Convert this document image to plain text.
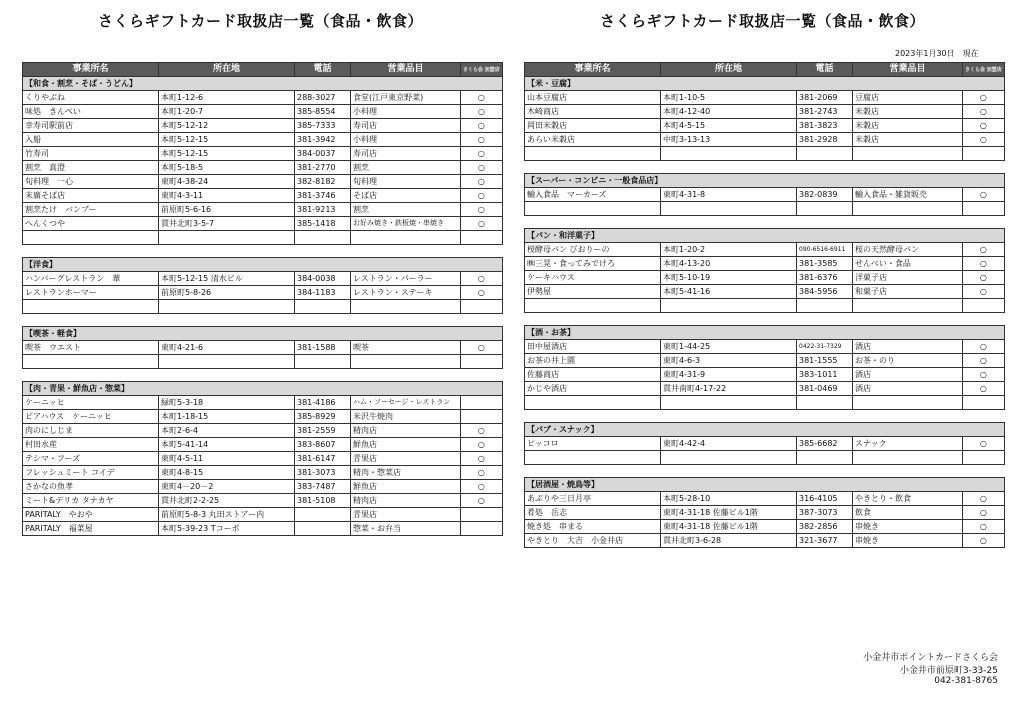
さくらギフトカード取扱店一覧（食品・飲食）	さくらギフトカード取扱店一覧（食品・飲食）
2023年1月30日　現在
事業所名	所在地	電話	営業品目	さくら会 加盟店
【和食・割烹・そば・うどん】				
くりやぶね	本町1-12-6	288-3027	食堂(江戸東京野菜)	○
味処　きんぺい	本町1-20-7	385-8554	小料理	○
幸寿司駅前店	本町5-12-12	385-7333	寿司店	○
入船	本町5-12-15	381-3942	小料理	○
竹寿司	本町5-12-15	384-0037	寿司店	○
割烹　真澄	本町5-18-5	381-2770	割烹	○
旬料理　一心	東町4-38-24	382-8182	旬料理	○
末廣そば店	東町4-3-11	381-3746	そば店	○
割烹たけ　バンブー	前原町5-6-16	381-9213	割烹	○
へんくつや	貫井北町3-5-7	385-1418	お好み焼き・鉄板焼・串焼き	○

【洋食】				
ハンバーグレストラン　葦	本町5-12-15 清水ビル	384-0038	レストラン・パーラー	○
レストランホーマー	前原町5-8-26	384-1183	レストラン・ステーキ	○

【喫茶・軽食】				
喫茶　ウエスト	東町4-21-6	381-1588	喫茶	○

【肉・青果・鮮魚店・惣菜】				
ケーニッヒ	緑町5-3-18	381-4186	ハム・ソーセージ・レストラン	
ビアハウス　ケーニッヒ	本町1-18-15	385-8929	米沢牛焼肉	
肉のにしじま	本町2-6-4	381-2559	精肉店	○
村田水産	本町5-41-14	383-8607	鮮魚店	○
テシマ・フーズ	東町4-5-11	381-6147	青果店	○
フレッシュミート コイデ	東町4-8-15	381-3073	精肉・惣菜店	○
さかなの魚孝	東町4－20－2	383-7487	鮮魚店	○
ミート&デリカ タナカヤ	貫井北町2-2-25	381-5108	精肉店	○
PARITALY　やおや	前原町5-8-3 丸田ストアー内		青果店	
PARITALY　福菜屋	本町5-39-23 Tコーポ		惣菜・お弁当	
事業所名	所在地	電話	営業品目	さくら会 加盟店
【米・豆腐】				
山本豆腐店	本町1-10-5	381-2069	豆腐店	○
木崎商店	本町4-12-40	381-2743	米穀店	○
岡田米穀店	本町4-5-15	381-3823	米穀店	○
あらい米穀店	中町3-13-13	381-2928	米穀店	○

【スーパー・コンビニ・一般食品店】				
輸入食品　マーカーズ	東町4-31-8	382-0839	輸入食品・雑貨販売	○

【パン・和洋菓子】				
桜酵母パン びおりーの	本町1-20-2	090-6516-6911	桜の天然酵母パン	○
㈱三晃・食ってみでけろ	本町4-13-20	381-3585	せんべい・食品	○
ケーキハウス	本町5-10-19	381-6376	洋菓子店	○
伊勢屋	本町5-41-16	384-5956	和菓子店	○

【酒・お茶】				
田中屋酒店	東町1-44-25	0422-31-7329	酒店	○
お茶の井上園	東町4-6-3	381-1555	お茶・のり	○
佐藤商店	東町4-31-9	383-1011	酒店	○
かじや酒店	貫井南町4-17-22	381-0469	酒店	○

【パブ・スナック】				
ピッコロ	東町4-42-4	385-6682	スナック	○

【居酒屋・焼鳥等】				
あぶりや三日月亭	本町5-28-10	316-4105	やきとり・飲食	○
肴処　岳志	東町4-31-18 佐藤ビル1階	387-3073	飲食	○
焼き処　串まる	東町4-31-18 佐藤ビル1階	382-2856	串焼き	○
やきとり　大吉　小金井店	貫井北町3-6-28	321-3677	串焼き	○
小金井市ポイントカードさくら会
小金井市前原町3-33-25
042-381-8765
